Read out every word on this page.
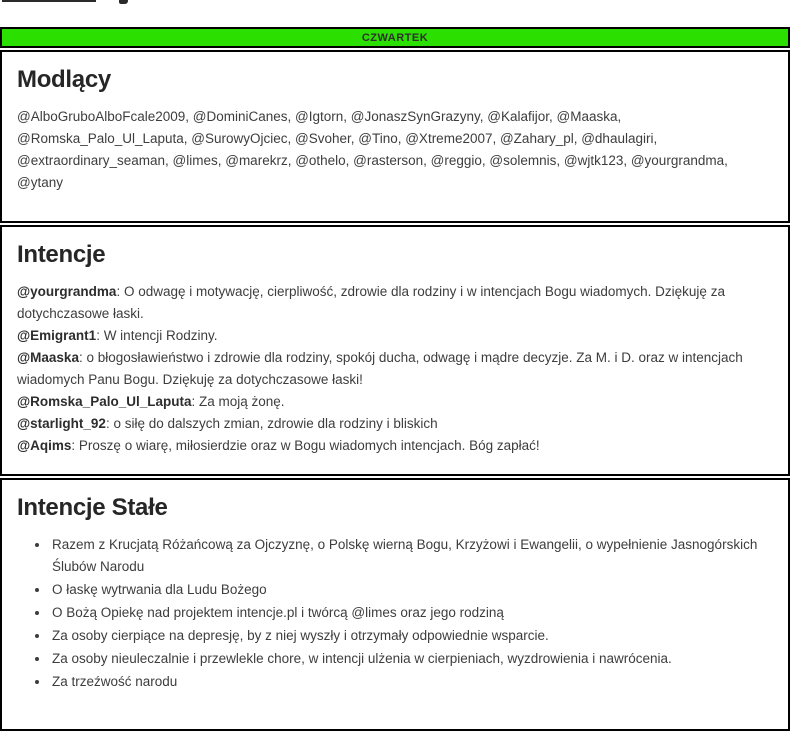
CZWARTEK
Modlący

@AlboGruboAlboFcale2009, @DominiCanes, @Igtorn, @JonaszSynGrazyny, @Kalafijor, @Maaska, @Romska_Palo_Ul_Laputa, @SurowyOjciec, @Svoher, @Tino, @Xtreme2007, @Zahary_pl, @dhaulagiri, @extraordinary_seaman, @limes, @marekrz, @othelo, @rasterson, @reggio, @solemnis, @wjtk123, @yourgrandma, @ytany

Intencje

@yourgrandma: O odwagę i motywację, cierpliwość, zdrowie dla rodziny i w intencjach Bogu wiadomych. Dziękuję za dotychczasowe łaski.

@Emigrant1: W intencji Rodziny.

@Maaska: o błogosławieństwo i zdrowie dla rodziny, spokój ducha, odwagę i mądre decyzje. Za M. i D. oraz w intencjach wiadomych Panu Bogu. Dziękuję za dotychczasowe łaski!

@Romska_Palo_Ul_Laputa: Za moją żonę.

@starlight_92: o siłę do dalszych zmian, zdrowie dla rodziny i bliskich

@Aqims: Proszę o wiarę, miłosierdzie oraz w Bogu wiadomych intencjach. Bóg zapłać!

Intencje Stałe
• Razem z Krucjatą Różańcową za Ojczyznę, o Polskę wierną Bogu, Krzyżowi i Ewangelii, o wypełnienie Jasnogórskich Ślubów Narodu
• O łaskę wytrwania dla Ludu Bożego
• O Bożą Opiekę nad projektem intencje.pl i twórcą @limes oraz jego rodziną
• Za osoby cierpiące na depresję, by z niej wyszły i otrzymały odpowiednie wsparcie.
• Za osoby nieuleczalnie i przewlekle chore, w intencji ulżenia w cierpieniach, wyzdrowienia i nawrócenia.
• Za trzeźwość narodu
